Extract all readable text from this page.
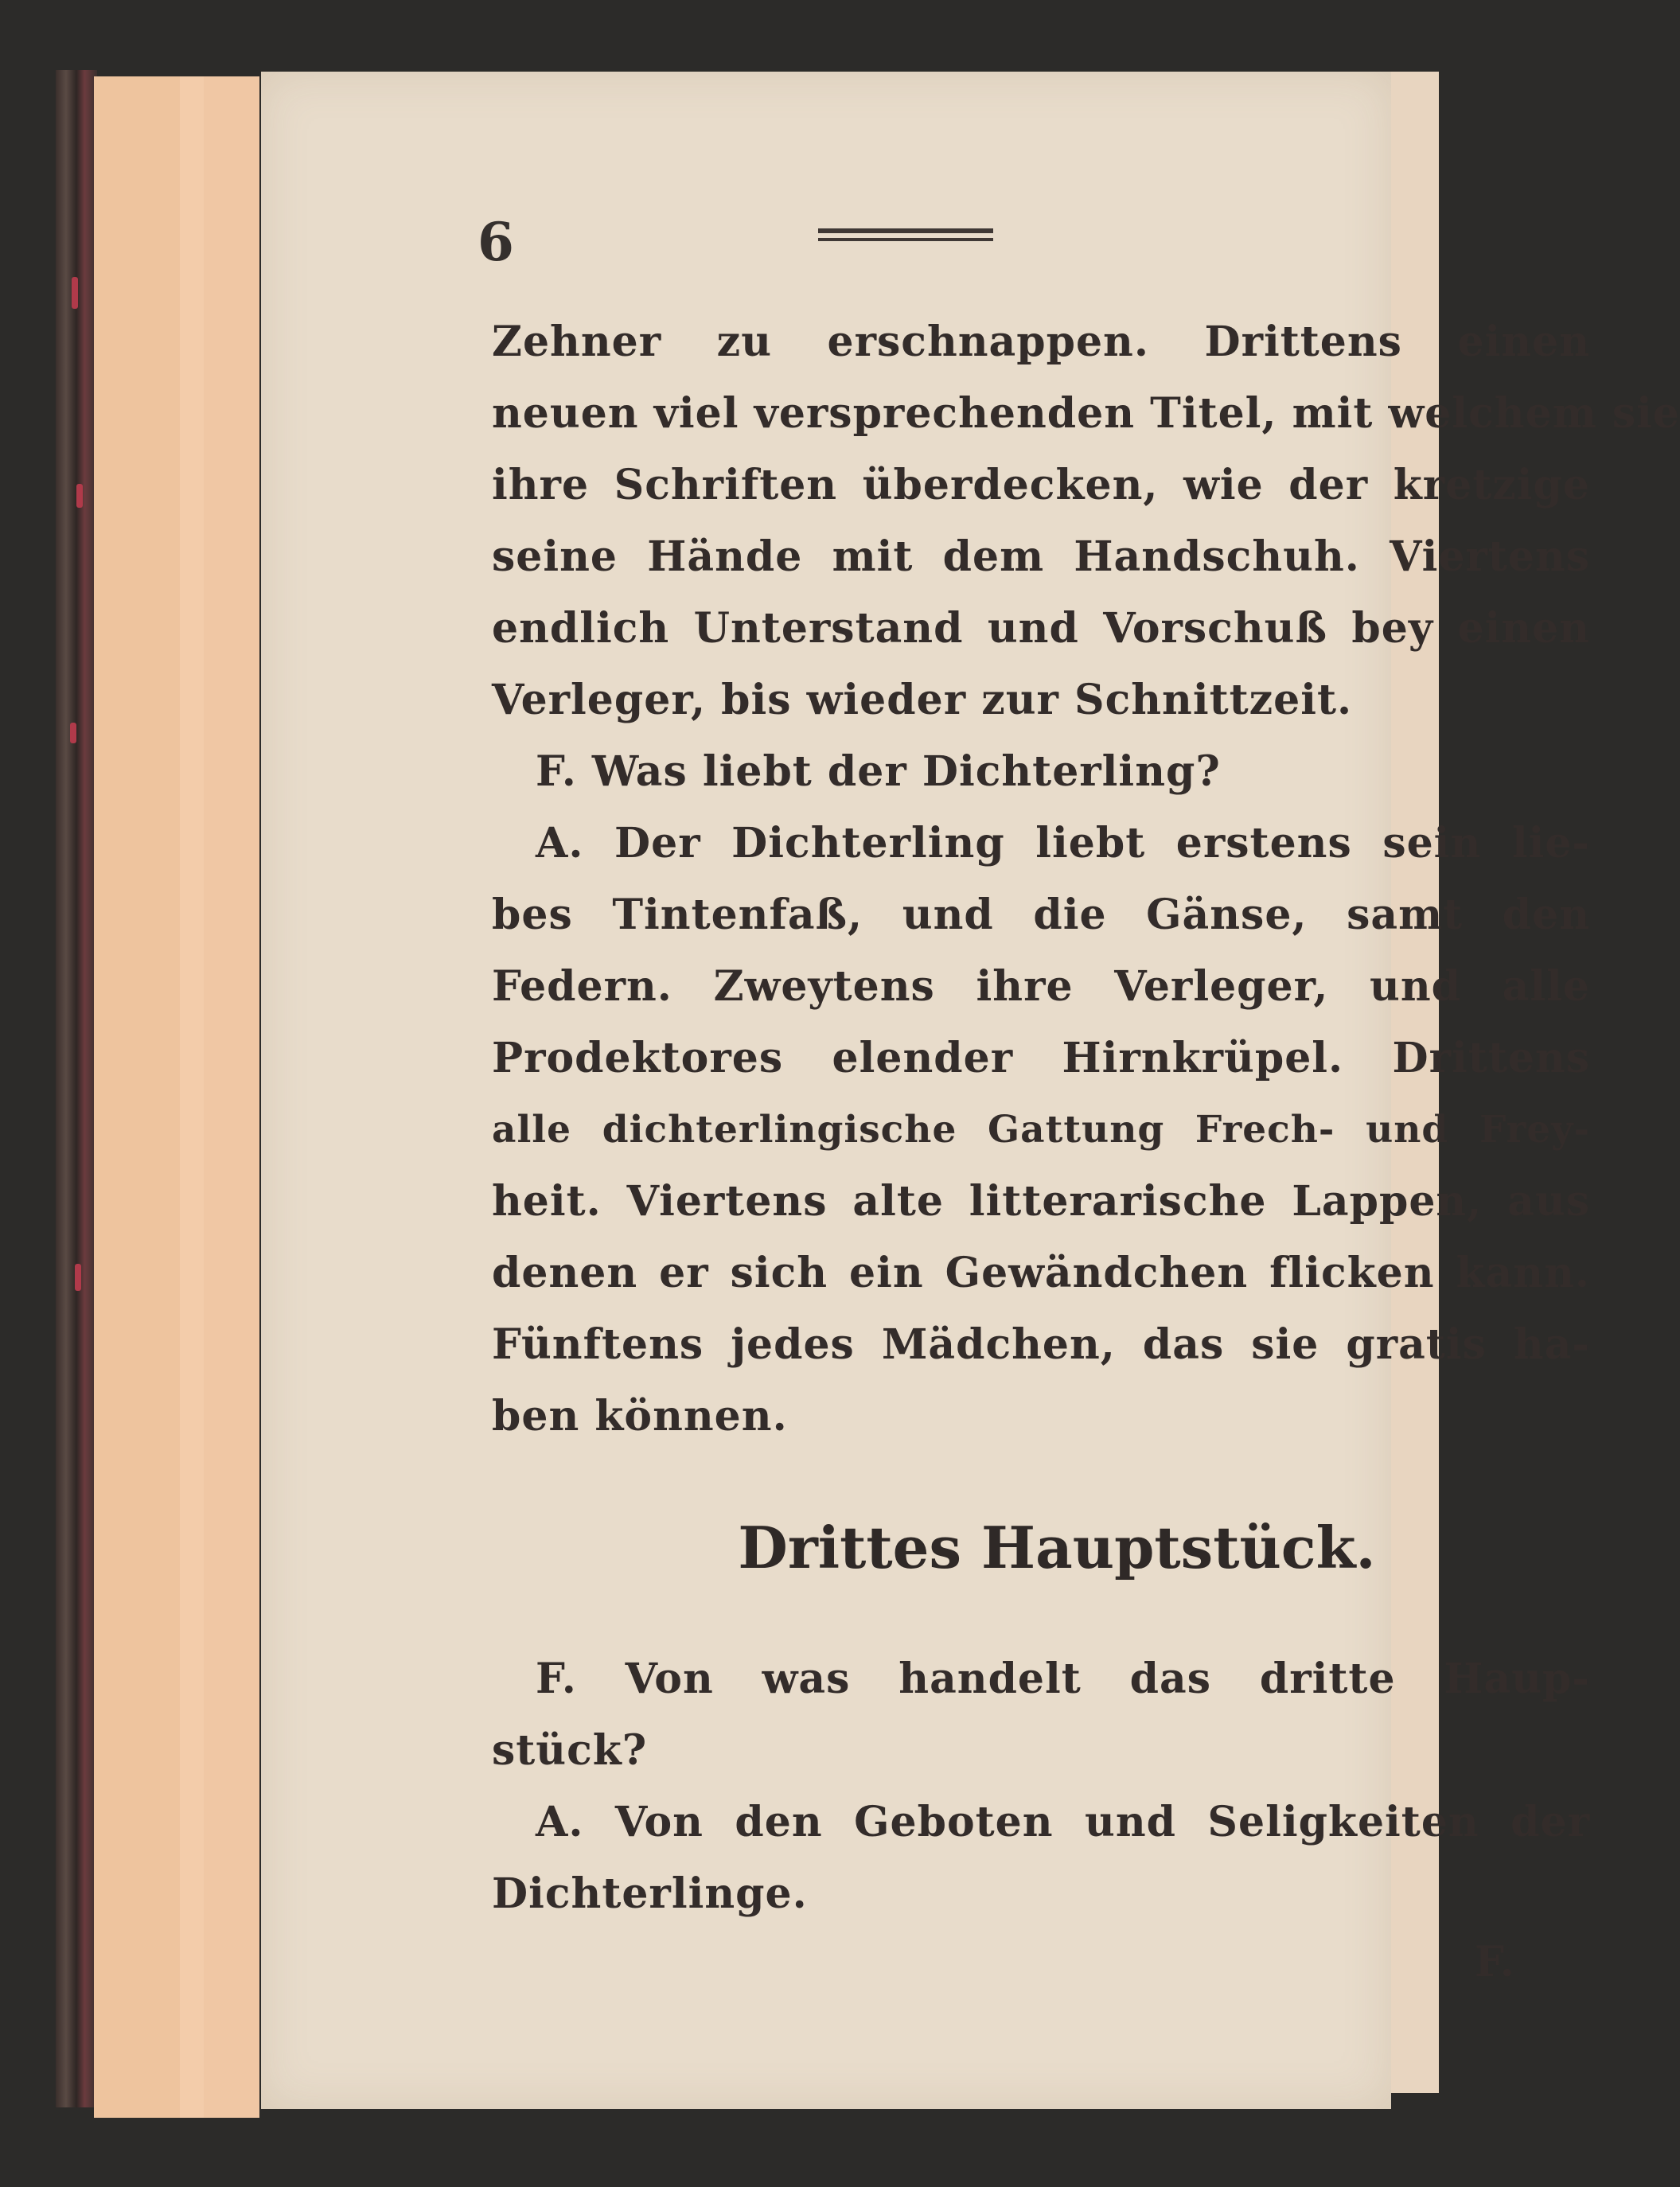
6

Zehner zu erschnappen. Drittens einen

neuen viel versprechenden Titel, mit welchem sie

ihre Schriften überdecken, wie der kretzige

seine Hände mit dem Handschuh. Viertens

endlich Unterstand und Vorschuß bey einen

Verleger, bis wieder zur Schnittzeit.

F. Was liebt der Dichterling?

A. Der Dichterling liebt erstens sein lie-

bes Tintenfaß, und die Gänse, samt den

Federn. Zweytens ihre Verleger, und alle

Prodektores elender Hirnkrüpel. Drittens

alle dichterlingische Gattung Frech- und Frey-

heit. Viertens alte litterarische Lappen, aus

denen er sich ein Gewändchen flicken kann.

Fünftens jedes Mädchen, das sie gratis ha-

ben können.

Drittes Hauptstück.

F. Von was handelt das dritte Haup-

stück?

A. Von den Geboten und Seligkeiten der

Dichterlinge.

F.
